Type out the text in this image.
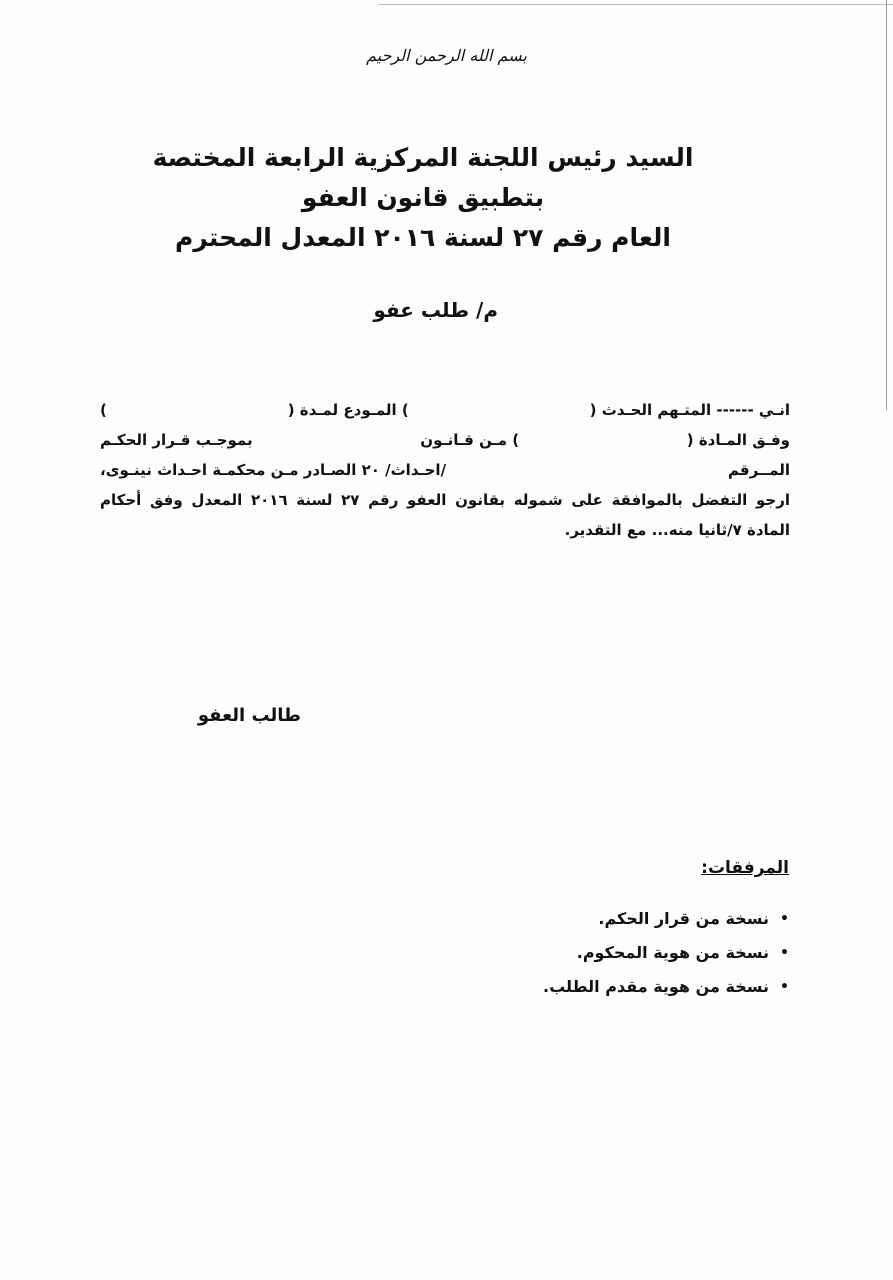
بسم الله الرحمن الرحيم
السيد رئيس اللجنة المركزية الرابعة المختصة بتطبيق قانون العفو
العام رقم ٢٧ لسنة ٢٠١٦ المعدل المحترم
م/ طلب عفو
انـي ------ المتـهم الحـدث (
) المـودع لمـدة (
)
وفـق المـادة (
) مـن قـانـون
بموجـب قـرار الحكـم
المــرقم
/احـداث/ ٢٠ الصـادر مـن محكمـة احـداث نينـوى،
ارجو التفضل بالموافقة على شموله بقانون العفو رقم ٢٧ لسنة ٢٠١٦ المعدل وفق أحكام المادة ٧/ثانيا منه... مع التقدير.
طالب العفو
المرفقات:
•
نسخة من قرار الحكم.
•
نسخة من هوية المحكوم.
•
نسخة من هوية مقدم الطلب.
